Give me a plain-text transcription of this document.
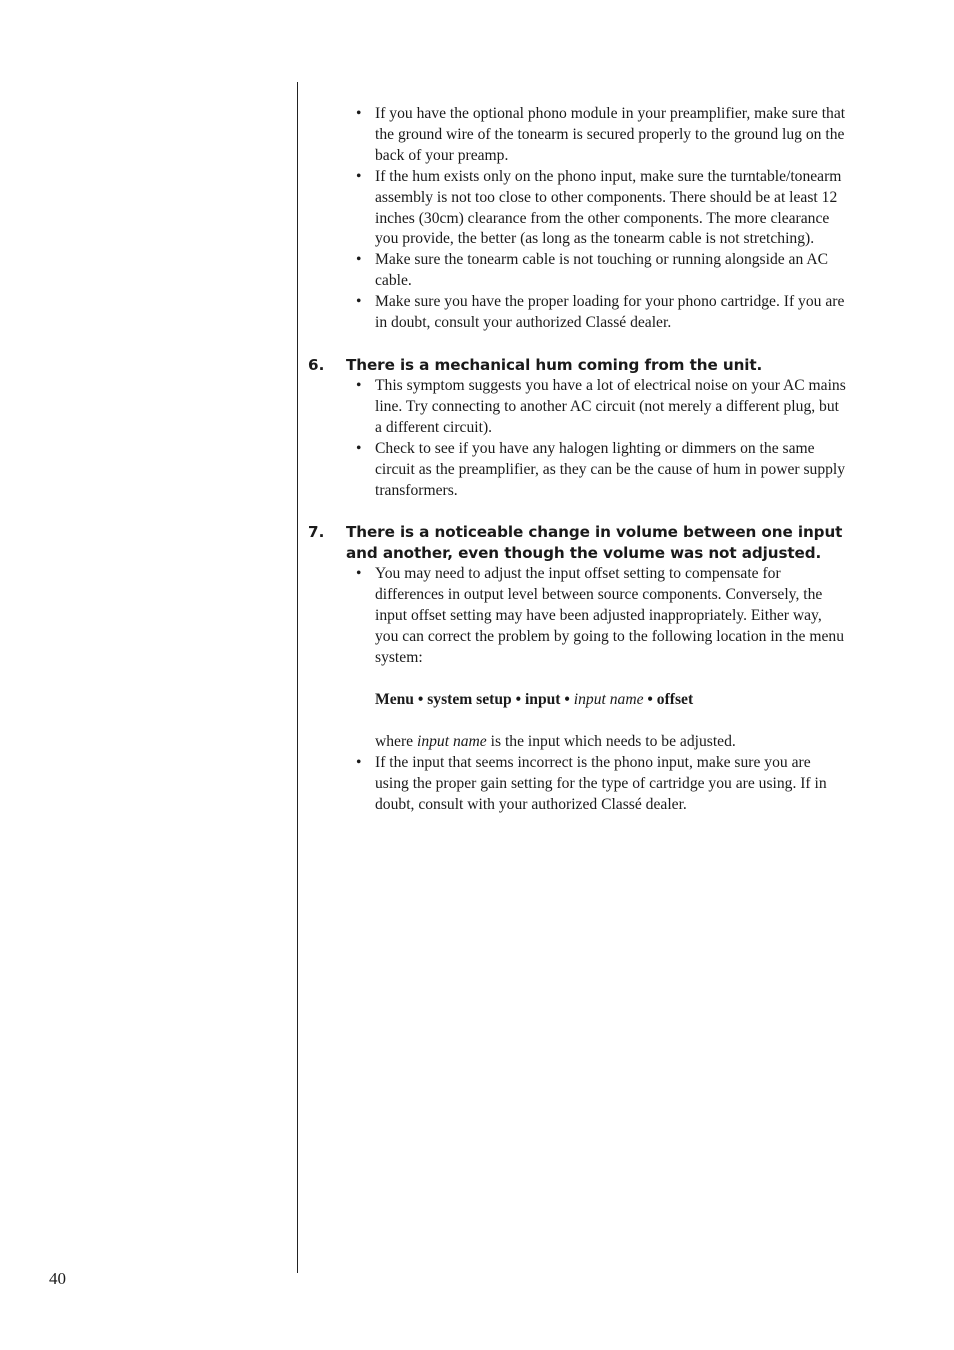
• If you have the optional phono module in your preamplifier, make sure that the ground wire of the tonearm is secured properly to the ground lug on the back of your preamp.
• If the hum exists only on the phono input, make sure the turntable/tonearm assembly is not too close to other components. There should be at least 12 inches (30cm) clearance from the other components. The more clearance you provide, the better (as long as the tonearm cable is not stretching).
• Make sure the tonearm cable is not touching or running alongside an AC cable.
• Make sure you have the proper loading for your phono cartridge. If you are in doubt, consult your authorized Classé dealer.
6.	There is a mechanical hum coming from the unit.
• This symptom suggests you have a lot of electrical noise on your AC mains line. Try connecting to another AC circuit (not merely a different plug, but a different circuit).
• Check to see if you have any halogen lighting or dimmers on the same circuit as the preamplifier, as they can be the cause of hum in power supply transformers.
7.	There is a noticeable change in volume between one input and another, even though the volume was not adjusted.
• You may need to adjust the input offset setting to compensate for differences in output level between source components. Conversely, the input offset setting may have been adjusted inappropriately. Either way, you can correct the problem by going to the following location in the menu system:
Menu • system setup • input • input name • offset
where input name is the input which needs to be adjusted.
• If the input that seems incorrect is the phono input, make sure you are using the proper gain setting for the type of cartridge you are using. If in doubt, consult with your authorized Classé dealer.
40
